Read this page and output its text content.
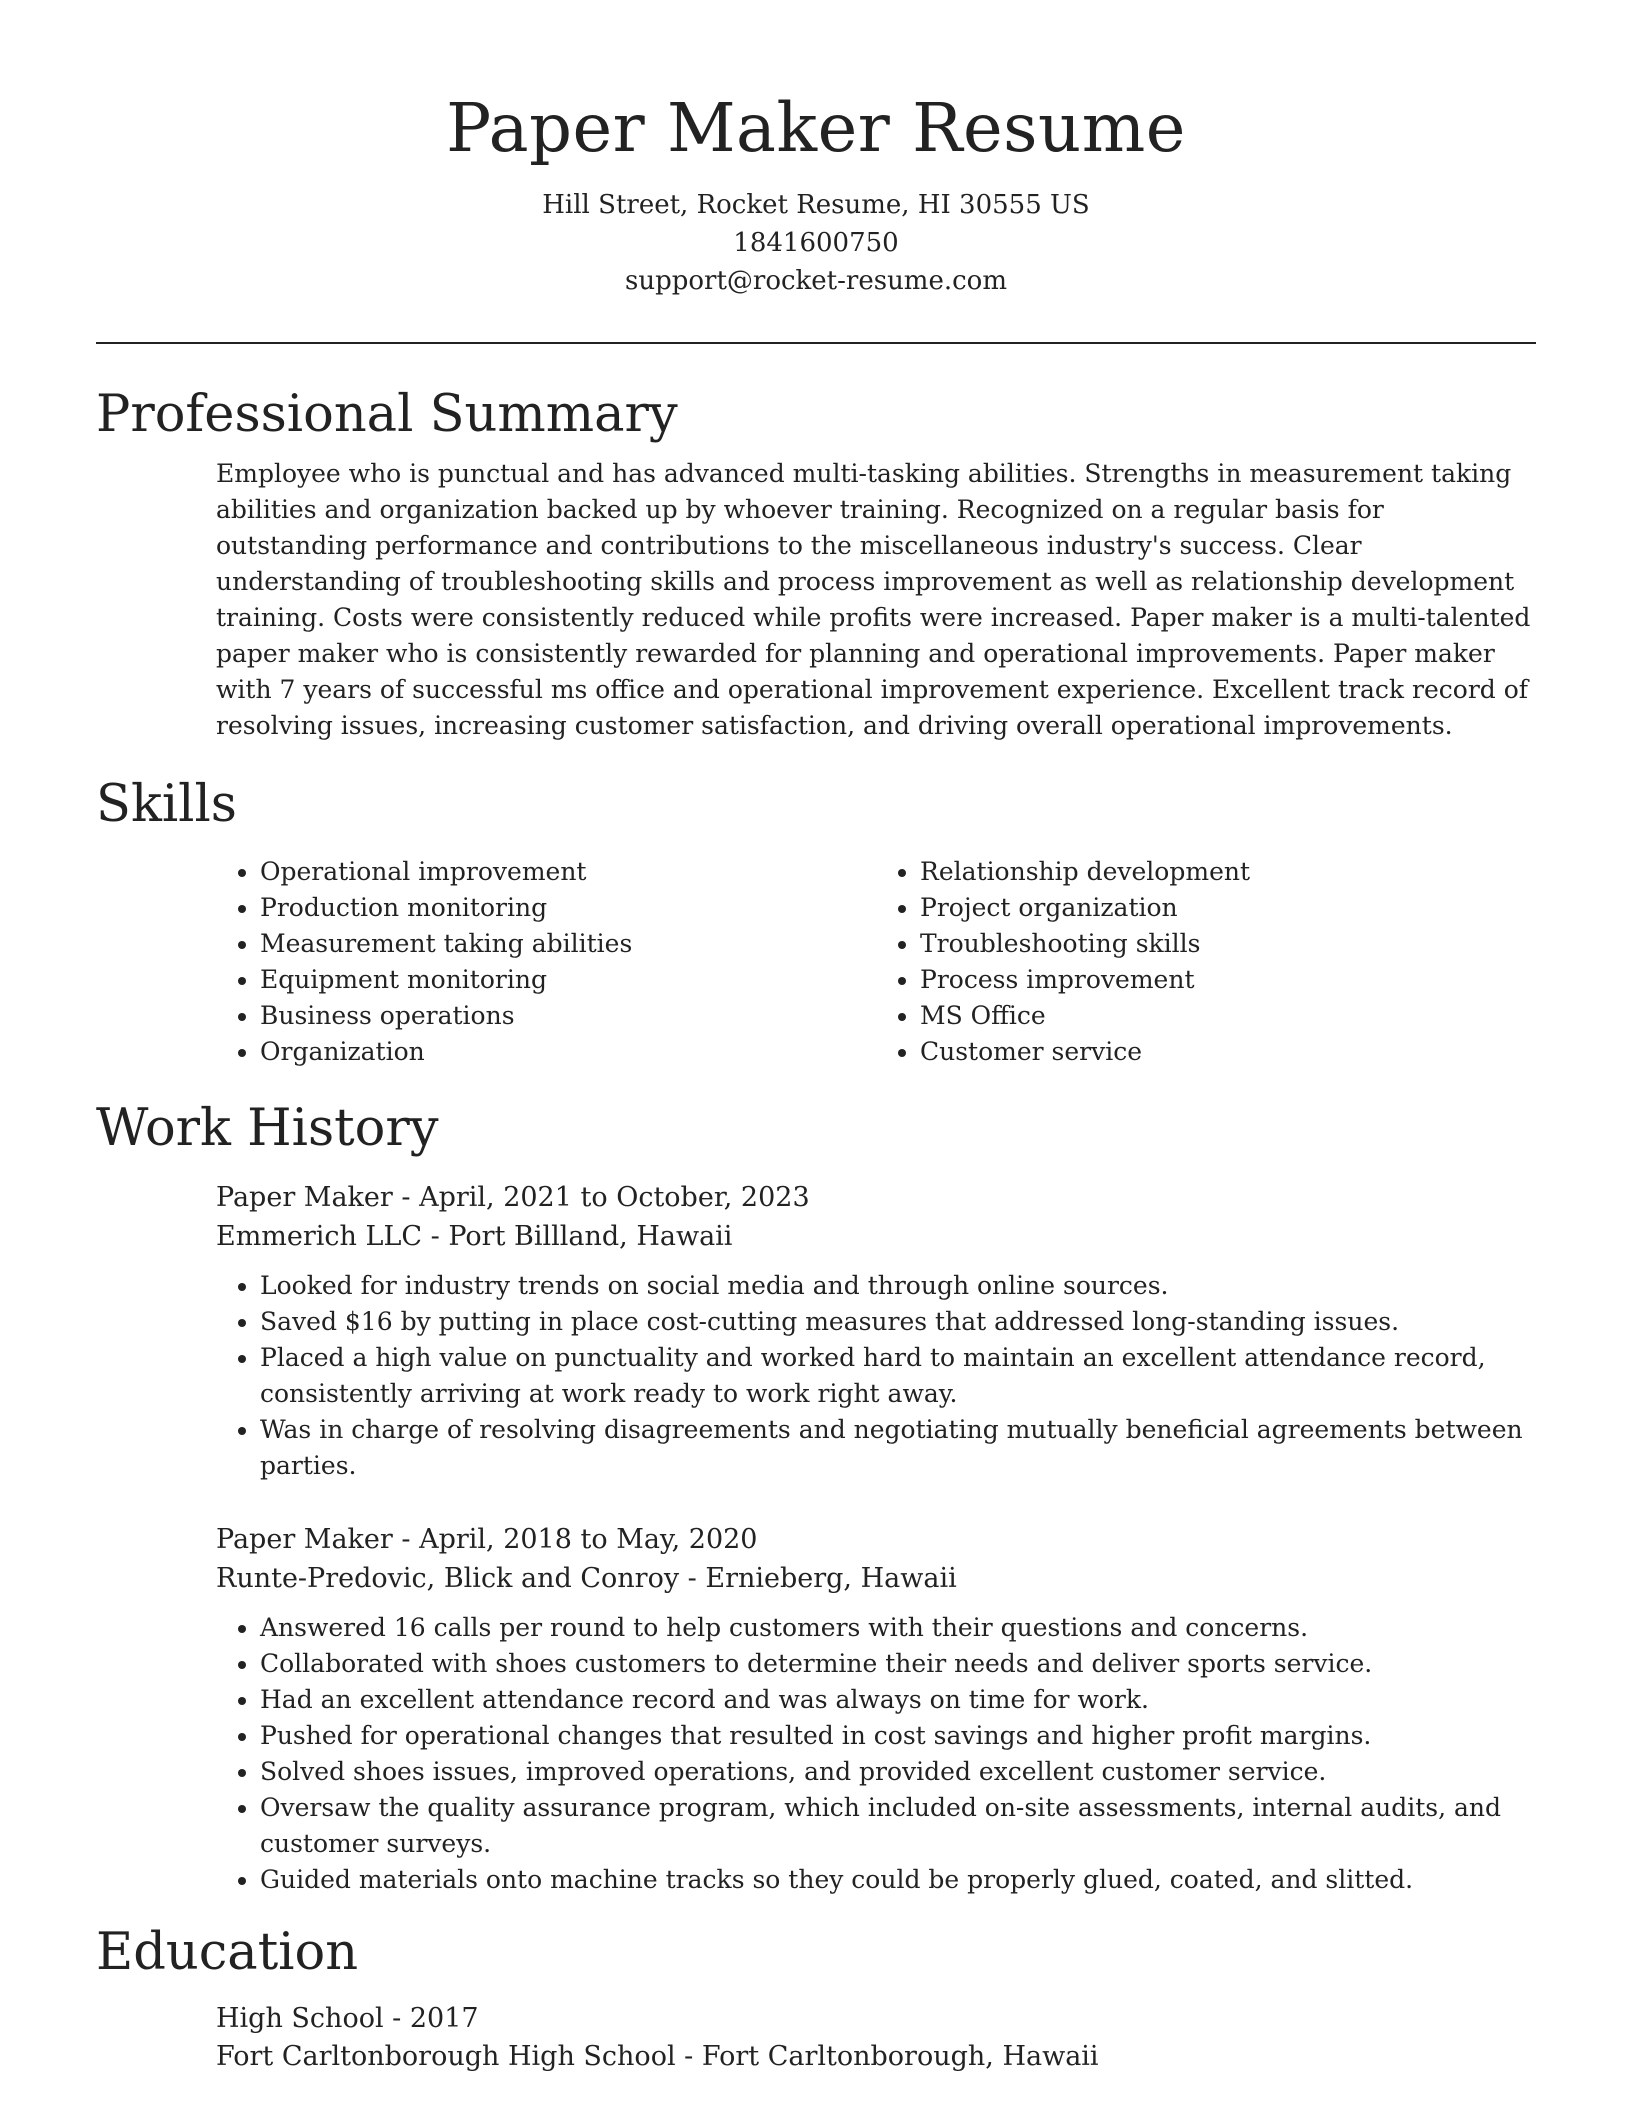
Paper Maker Resume
Hill Street, Rocket Resume, HI 30555 US
1841600750
support@rocket-resume.com
Professional Summary
Employee who is punctual and has advanced multi-tasking abilities. Strengths in measurement taking abilities and organization backed up by whoever training. Recognized on a regular basis for outstanding performance and contributions to the miscellaneous industry's success. Clear understanding of troubleshooting skills and process improvement as well as relationship development training. Costs were consistently reduced while profits were increased. Paper maker is a multi-talented paper maker who is consistently rewarded for planning and operational improvements. Paper maker with 7 years of successful ms office and operational improvement experience. Excellent track record of resolving issues, increasing customer satisfaction, and driving overall operational improvements.
Skills
• Operational improvement
• Production monitoring
• Measurement taking abilities
• Equipment monitoring
• Business operations
• Organization
• Relationship development
• Project organization
• Troubleshooting skills
• Process improvement
• MS Office
• Customer service
Work History
Paper Maker - April, 2021 to October, 2023
Emmerich LLC - Port Billland, Hawaii
• Looked for industry trends on social media and through online sources.
• Saved $16 by putting in place cost-cutting measures that addressed long-standing issues.
• Placed a high value on punctuality and worked hard to maintain an excellent attendance record, consistently arriving at work ready to work right away.
• Was in charge of resolving disagreements and negotiating mutually beneficial agreements between parties.
Paper Maker - April, 2018 to May, 2020
Runte-Predovic, Blick and Conroy - Ernieberg, Hawaii
• Answered 16 calls per round to help customers with their questions and concerns.
• Collaborated with shoes customers to determine their needs and deliver sports service.
• Had an excellent attendance record and was always on time for work.
• Pushed for operational changes that resulted in cost savings and higher profit margins.
• Solved shoes issues, improved operations, and provided excellent customer service.
• Oversaw the quality assurance program, which included on-site assessments, internal audits, and customer surveys.
• Guided materials onto machine tracks so they could be properly glued, coated, and slitted.
Education
High School - 2017
Fort Carltonborough High School - Fort Carltonborough, Hawaii
